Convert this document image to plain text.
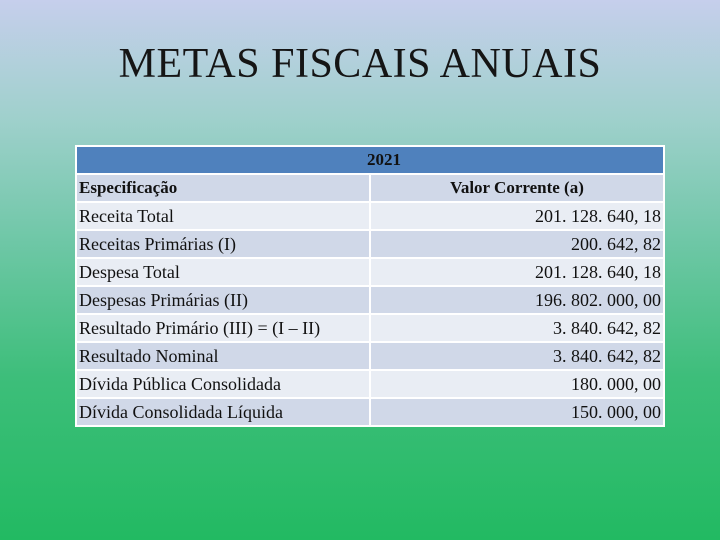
METAS FISCAIS ANUAIS
2021	
Especificação	Valor Corrente (a)
Receita Total	201. 128. 640, 18
Receitas Primárias (I)	200. 642, 82
Despesa Total	201. 128. 640, 18
Despesas Primárias (II)	196. 802. 000, 00
Resultado Primário (III) = (I – II)	3. 840. 642, 82
Resultado Nominal	3. 840. 642, 82
Dívida Pública Consolidada	180. 000, 00
Dívida Consolidada Líquida	150. 000, 00
